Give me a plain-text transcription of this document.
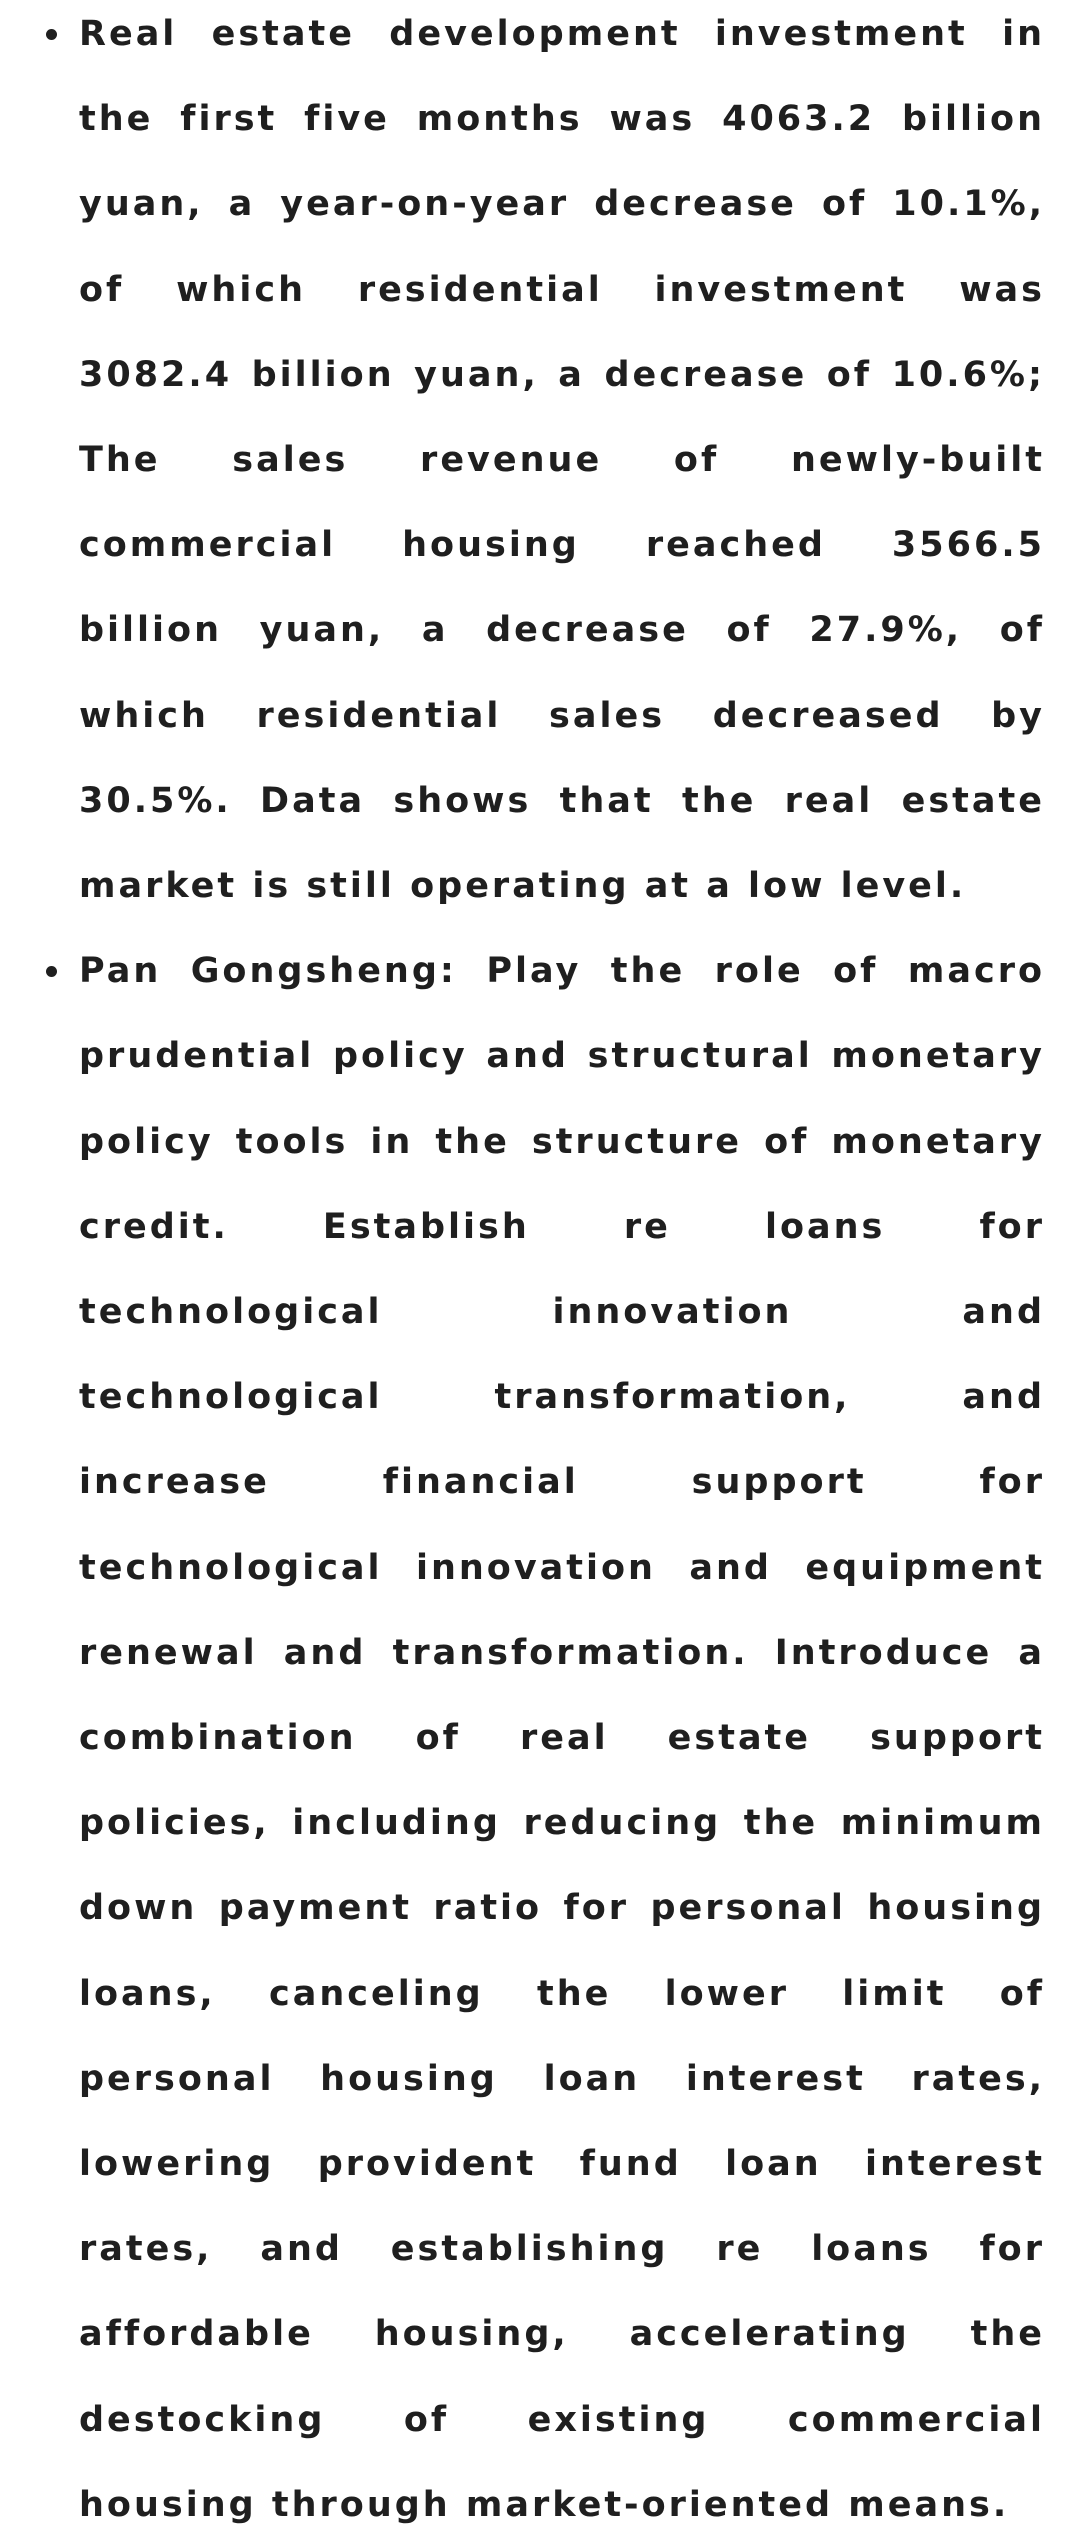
Real estate development investment in the first five months was 4063.2 billion yuan, a year-on-year decrease of 10.1%, of which residential investment was 3082.4 billion yuan, a decrease of 10.6%; The sales revenue of newly-built commercial housing reached 3566.5 billion yuan, a decrease of 27.9%, of which residential sales decreased by 30.5%. Data shows that the real estate market is still operating at a low level.
Pan Gongsheng: Play the role of macro prudential policy and structural monetary policy tools in the structure of monetary credit. Establish re loans for technological innovation and technological transformation, and increase financial support for technological innovation and equipment renewal and transformation. Introduce a combination of real estate support policies, including reducing the minimum down payment ratio for personal housing loans, canceling the lower limit of personal housing loan interest rates, lowering provident fund loan interest rates, and establishing re loans for affordable housing, accelerating the destocking of existing commercial housing through market-oriented means.
